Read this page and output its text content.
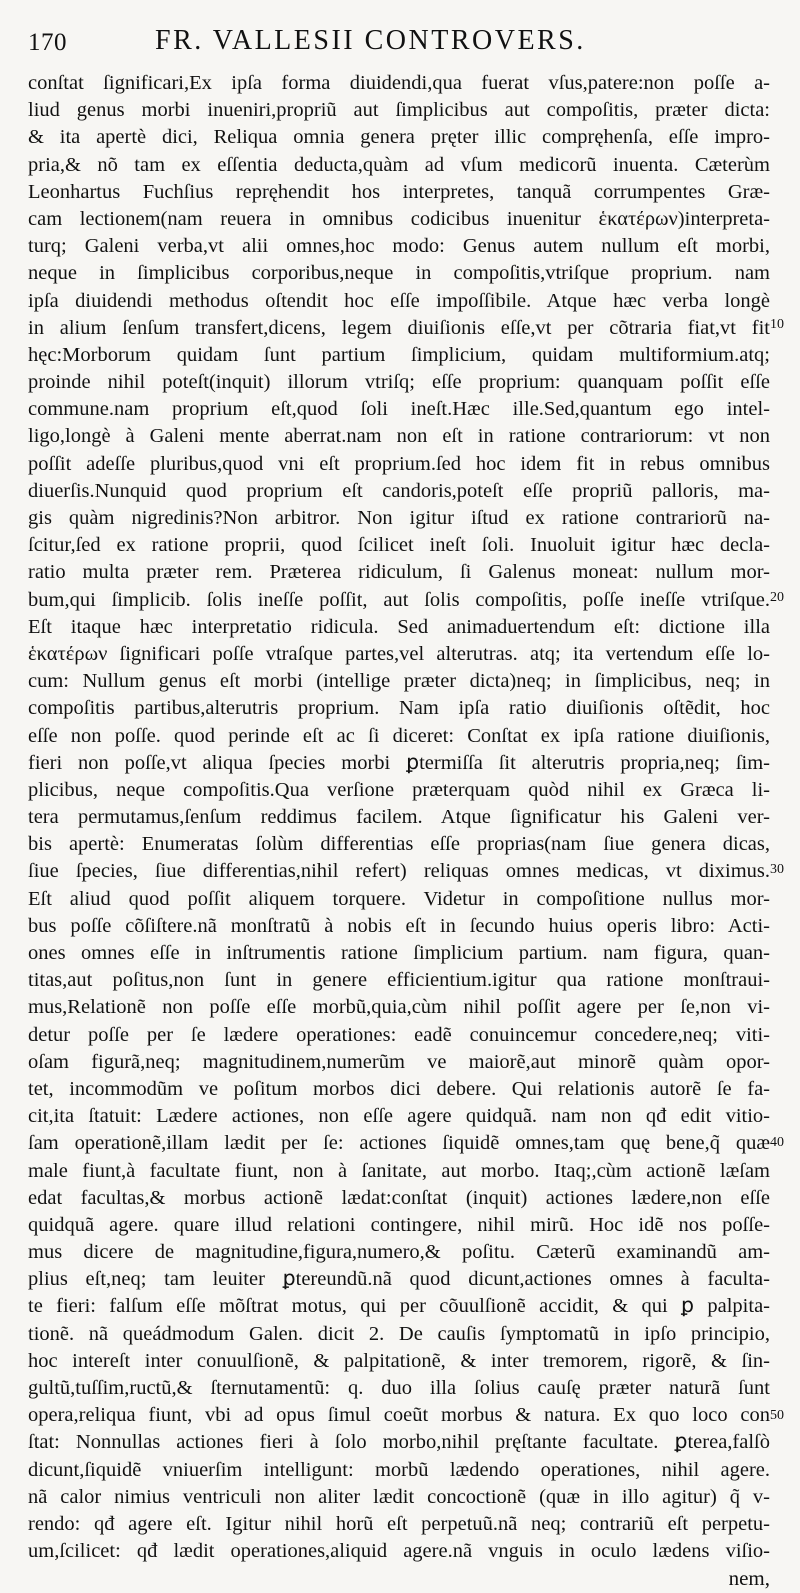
170	FR. VALLESII CONTROVERS.
conſtat ſignificari,Ex ipſa forma diuidendi,qua fuerat vſus,patere:non poſſe a-
liud genus morbi inueniri,propriũ aut ſimplicibus aut compoſitis, præter dicta:
& ita apertè dici, Reliqua omnia genera pręter illic compręhenſa, eſſe impro-
pria,& nõ tam ex eſſentia deducta,quàm ad vſum medicorũ inuenta. Cæterùm
Leonhartus Fuchſius repręhendit hos interpretes, tanquã corrumpentes Græ-
cam lectionem(nam reuera in omnibus codicibus inuenitur ἑκατέρων)interpreta-
turq; Galeni verba,vt alii omnes,hoc modo: Genus autem nullum eſt morbi,
neque in ſimplicibus corporibus,neque in compoſitis,vtriſque proprium. nam
ipſa diuidendi methodus oſtendit hoc eſſe impoſſibile. Atque hæc verba longè
in alium ſenſum transfert,dicens, legem diuiſionis eſſe,vt per cõtraria fiat,vt fit
hęc:Morborum quidam ſunt partium ſimplicium, quidam multiformium.atq;
proinde nihil poteſt(inquit) illorum vtriſq; eſſe proprium: quanquam poſſit eſſe
commune.nam proprium eſt,quod ſoli ineſt.Hæc ille.Sed,quantum ego intel-
ligo,longè à Galeni mente aberrat.nam non eſt in ratione contrariorum: vt non
poſſit adeſſe pluribus,quod vni eſt proprium.ſed hoc idem fit in rebus omnibus
diuerſis.Nunquid quod proprium eſt candoris,poteſt eſſe propriũ palloris, ma-
gis quàm nigredinis?Non arbitror. Non igitur iſtud ex ratione contrariorũ na-
ſcitur,ſed ex ratione proprii, quod ſcilicet ineſt ſoli. Inuoluit igitur hæc decla-
ratio multa præter rem. Præterea ridiculum, ſi Galenus moneat: nullum mor-
bum,qui ſimplicib. ſolis ineſſe poſſit, aut ſolis compoſitis, poſſe ineſſe vtriſque.
Eſt itaque hæc interpretatio ridicula. Sed animaduertendum eſt: dictione illa
ἑκατέρων ſignificari poſſe vtraſque partes,vel alterutras. atq; ita vertendum eſſe lo-
cum: Nullum genus eſt morbi (intellige præter dicta)neq; in ſimplicibus, neq; in
compoſitis partibus,alterutris proprium. Nam ipſa ratio diuiſionis oſtẽdit, hoc
eſſe non poſſe. quod perinde eſt ac ſi diceret: Conſtat ex ipſa ratione diuiſionis,
fieri non poſſe,vt aliqua ſpecies morbi ꝑtermiſſa ſit alterutris propria,neq; ſim-
plicibus, neque compoſitis.Qua verſione præterquam quòd nihil ex Græca li-
tera permutamus,ſenſum reddimus facilem. Atque ſignificatur his Galeni ver-
bis apertè: Enumeratas ſolùm differentias eſſe proprias(nam ſiue genera dicas,
ſiue ſpecies, ſiue differentias,nihil refert) reliquas omnes medicas, vt diximus.
Eſt aliud quod poſſit aliquem torquere. Videtur in compoſitione nullus mor-
bus poſſe cõſiſtere.nã monſtratũ à nobis eſt in ſecundo huius operis libro: Acti-
ones omnes eſſe in inſtrumentis ratione ſimplicium partium. nam figura, quan-
titas,aut poſitus,non ſunt in genere efficientium.igitur qua ratione monſtraui-
mus,Relationẽ non poſſe eſſe morbũ,quia,cùm nihil poſſit agere per ſe,non vi-
detur poſſe per ſe lædere operationes: eadẽ conuincemur concedere,neq; viti-
oſam figurã,neq; magnitudinem,numerũm ve maiorẽ,aut minorẽ quàm opor-
tet, incommodũm ve poſitum morbos dici debere. Qui relationis autorẽ ſe fa-
cit,ita ſtatuit: Lædere actiones, non eſſe agere quidquã. nam non qđ edit vitio-
ſam operationẽ,illam lædit per ſe: actiones ſiquidẽ omnes,tam quę bene,q̃ quæ
male fiunt,à facultate fiunt, non à ſanitate, aut morbo. Itaq;,cùm actionẽ læſam
edat facultas,& morbus actionẽ lædat:conſtat (inquit) actiones lædere,non eſſe
quidquã agere. quare illud relationi contingere, nihil mirũ. Hoc idẽ nos poſſe-
mus dicere de magnitudine,figura,numero,& poſitu. Cæterũ examinandũ am-
plius eſt,neq; tam leuiter ꝑtereundũ.nã quod dicunt,actiones omnes à faculta-
te fieri: falſum eſſe mõſtrat motus, qui per cõuulſionẽ accidit, & qui ꝑ palpita-
tionẽ. nã queádmodum Galen. dicit 2. De cauſis ſymptomatũ in ipſo principio,
hoc intereſt inter conuulſionẽ, & palpitationẽ, & inter tremorem, rigorẽ, & ſin-
gultũ,tuſſim,ructũ,& ſternutamentũ: q. duo illa ſolius cauſę præter naturã ſunt
opera,reliqua fiunt, vbi ad opus ſimul coeũt morbus & natura. Ex quo loco con
ſtat: Nonnullas actiones fieri à ſolo morbo,nihil pręſtante facultate. ꝑterea,falſò
dicunt,ſiquidẽ vniuerſim intelligunt: morbũ lædendo operationes, nihil agere.
nã calor nimius ventriculi non aliter lædit concoctionẽ (quæ in illo agitur) q̃ v-
rendo: qđ agere eſt. Igitur nihil horũ eſt perpetuũ.nã neq; contrariũ eſt perpetu-
um,ſcilicet: qđ lædit operationes,aliquid agere.nã vnguis in oculo lædens viſio-
nem,
10
20
30
40
50
